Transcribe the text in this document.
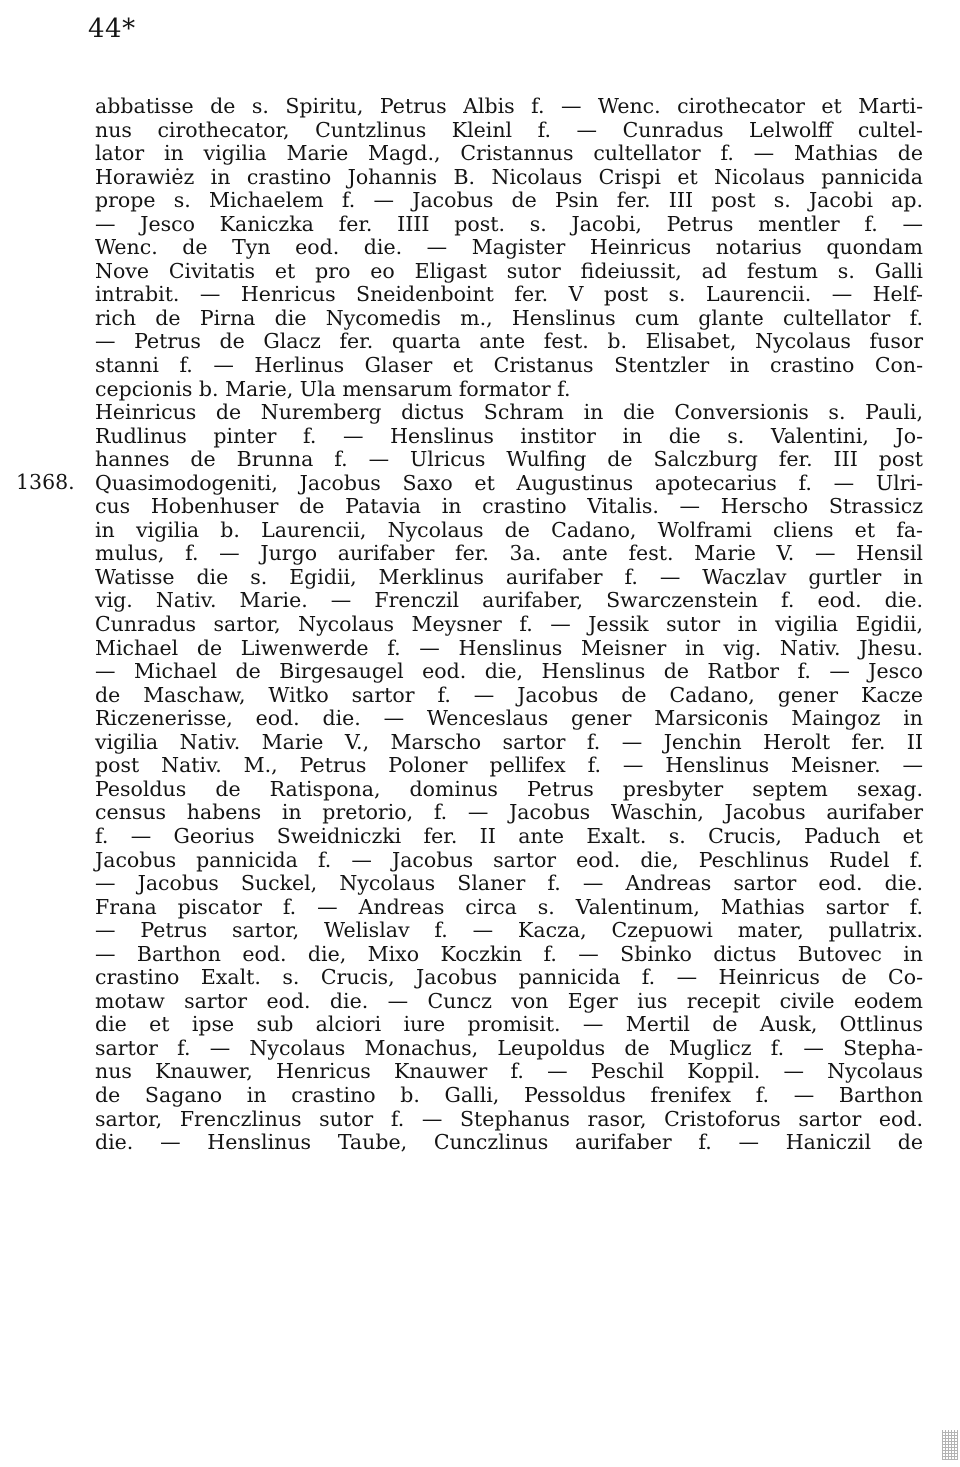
44*
1368.
abbatisse de s. Spiritu, Petrus Albis f. — Wenc. cirothecator et Marti-
nus cirothecator, Cuntzlinus Kleinl f. — Cunradus Lelwolff cultel-
lator in vigilia Marie Magd., Cristannus cultellator f. — Mathias de
Horawiėz in crastino Johannis B. Nicolaus Crispi et Nicolaus pannicida
prope s. Michaelem f. — Jacobus de Psin fer. III post s. Jacobi ap.
— Jesco Kaniczka fer. IIII post. s. Jacobi, Petrus mentler f. —
Wenc. de Tyn eod. die. — Magister Heinricus notarius quondam
Nove Civitatis et pro eo Eligast sutor fideiussit, ad festum s. Galli
intrabit. — Henricus Sneidenboint fer. V post s. Laurencii. — Helf-
rich de Pirna die Nycomedis m., Henslinus cum glante cultellator f.
— Petrus de Glacz fer. quarta ante fest. b. Elisabet, Nycolaus fusor
stanni f. — Herlinus Glaser et Cristanus Stentzler in crastino Con-
cepcionis b. Marie, Ula mensarum formator f.
Heinricus de Nuremberg dictus Schram in die Conversionis s. Pauli,
Rudlinus pinter f. — Henslinus institor in die s. Valentini, Jo-
hannes de Brunna f. — Ulricus Wulfing de Salczburg fer. III post
Quasimodogeniti, Jacobus Saxo et Augustinus apotecarius f. — Ulri-
cus Hobenhuser de Patavia in crastino Vitalis. — Herscho Strassicz
in vigilia b. Laurencii, Nycolaus de Cadano, Wolframi cliens et fa-
mulus, f. — Jurgo aurifaber fer. 3a. ante fest. Marie V. — Hensil
Watisse die s. Egidii, Merklinus aurifaber f. — Waczlav gurtler in
vig. Nativ. Marie. — Frenczil aurifaber, Swarczenstein f. eod. die.
Cunradus sartor, Nycolaus Meysner f. — Jessik sutor in vigilia Egidii,
Michael de Liwenwerde f. — Henslinus Meisner in vig. Nativ. Jhesu.
— Michael de Birgesaugel eod. die, Henslinus de Ratbor f. — Jesco
de Maschaw, Witko sartor f. — Jacobus de Cadano, gener Kacze
Riczenerisse, eod. die. — Wenceslaus gener Marsiconis Maingoz in
vigilia Nativ. Marie V., Marscho sartor f. — Jenchin Herolt fer. II
post Nativ. M., Petrus Poloner pellifex f. — Henslinus Meisner. —
Pesoldus de Ratispona, dominus Petrus presbyter septem sexag.
census habens in pretorio, f. — Jacobus Waschin, Jacobus aurifaber
f. — Georius Sweidniczki fer. II ante Exalt. s. Crucis, Paduch et
Jacobus pannicida f. — Jacobus sartor eod. die, Peschlinus Rudel f.
— Jacobus Suckel, Nycolaus Slaner f. — Andreas sartor eod. die.
Frana piscator f. — Andreas circa s. Valentinum, Mathias sartor f.
— Petrus sartor, Welislav f. — Kacza, Czepuowi mater, pullatrix.
— Barthon eod. die, Mixo Koczkin f. — Sbinko dictus Butovec in
crastino Exalt. s. Crucis, Jacobus pannicida f. — Heinricus de Co-
motaw sartor eod. die. — Cuncz von Eger ius recepit civile eodem
die et ipse sub alciori iure promisit. — Mertil de Ausk, Ottlinus
sartor f. — Nycolaus Monachus, Leupoldus de Muglicz f. — Stepha-
nus Knauwer, Henricus Knauwer f. — Peschil Koppil. — Nycolaus
de Sagano in crastino b. Galli, Pessoldus frenifex f. — Barthon
sartor, Frenczlinus sutor f. — Stephanus rasor, Cristoforus sartor eod.
die. — Henslinus Taube, Cunczlinus aurifaber f. — Haniczil de
